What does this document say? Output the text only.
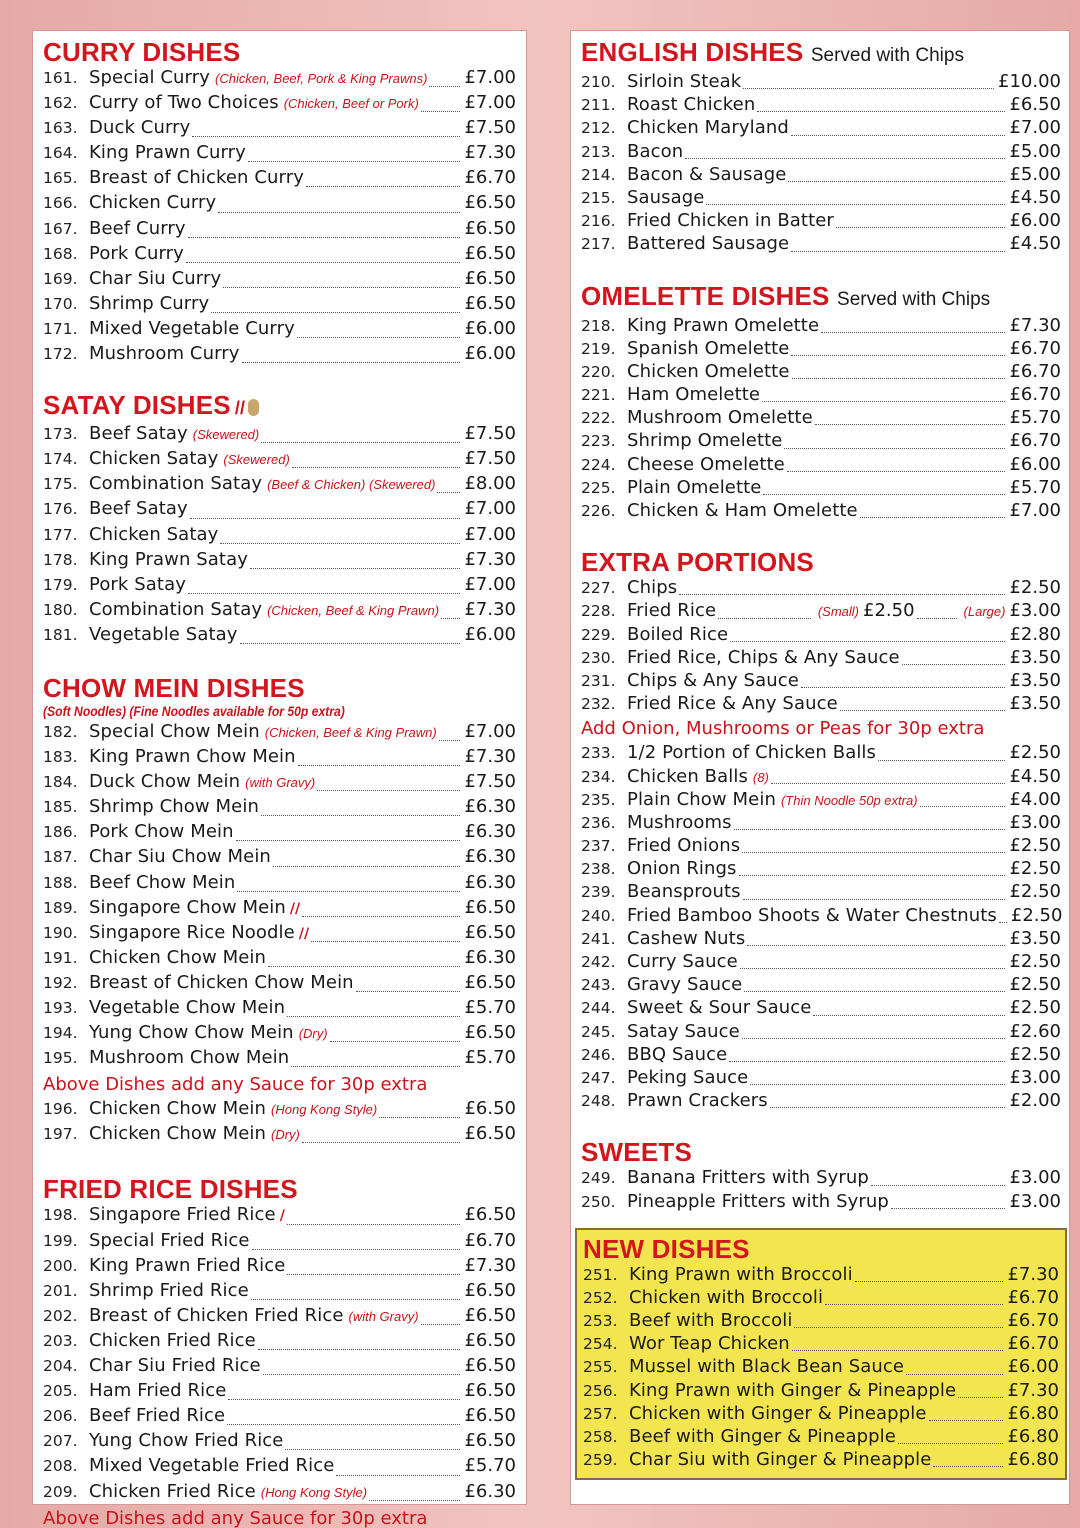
CURRY DISHES
161. Special Curry (Chicken, Beef, Pork & King Prawns) £7.00
162. Curry of Two Choices (Chicken, Beef or Pork)	£7.00
163. Duck Curry	£7.50
164. King Prawn Curry	£7.30
165. Breast of Chicken Curry	£6.70
166. Chicken Curry	£6.50
167. Beef Curry	£6.50
168. Pork Curry	£6.50
169. Char Siu Curry	£6.50
170. Shrimp Curry	£6.50
171. Mixed Vegetable Curry	£6.00
172. Mushroom Curry	£6.00
SATAY DISHES //
173. Beef Satay (Skewered)	£7.50
174. Chicken Satay (Skewered)	£7.50
175. Combination Satay (Beef & Chicken) (Skewered) £8.00
176. Beef Satay	£7.00
177. Chicken Satay	£7.00
178. King Prawn Satay	£7.30
179. Pork Satay	£7.00
180. Combination Satay (Chicken, Beef & King Prawn) £7.30
181. Vegetable Satay	£6.00
CHOW MEIN DISHES
(Soft Noodles) (Fine Noodles available for 50p extra)
182. Special Chow Mein (Chicken, Beef & King Prawn) £7.00
183. King Prawn Chow Mein	£7.30
184. Duck Chow Mein (with Gravy)	£7.50
185. Shrimp Chow Mein	£6.30
186. Pork Chow Mein	£6.30
187. Char Siu Chow Mein	£6.30
188. Beef Chow Mein	£6.30
189. Singapore Chow Mein //	£6.50
190. Singapore Rice Noodle //	£6.50
191. Chicken Chow Mein	£6.30
192. Breast of Chicken Chow Mein	£6.50
193. Vegetable Chow Mein	£5.70
194. Yung Chow Chow Mein (Dry)	£6.50
195. Mushroom Chow Mein	£5.70
Above Dishes add any Sauce for 30p extra
196. Chicken Chow Mein (Hong Kong Style)	£6.50
197. Chicken Chow Mein (Dry)	£6.50
FRIED RICE DISHES
198. Singapore Fried Rice /	£6.50
199. Special Fried Rice	£6.70
200. King Prawn Fried Rice	£7.30
201. Shrimp Fried Rice	£6.50
202. Breast of Chicken Fried Rice (with Gravy)	£6.50
203. Chicken Fried Rice	£6.50
204. Char Siu Fried Rice	£6.50
205. Ham Fried Rice	£6.50
206. Beef Fried Rice	£6.50
207. Yung Chow Fried Rice	£6.50
208. Mixed Vegetable Fried Rice	£5.70
209. Chicken Fried Rice (Hong Kong Style)	£6.30
Above Dishes add any Sauce for 30p extra
ENGLISH DISHES Served with Chips
210. Sirloin Steak	£10.00
211. Roast Chicken	£6.50
212. Chicken Maryland	£7.00
213. Bacon	£5.00
214. Bacon & Sausage	£5.00
215. Sausage	£4.50
216. Fried Chicken in Batter	£6.00
217. Battered Sausage	£4.50
OMELETTE DISHES Served with Chips
218. King Prawn Omelette	£7.30
219. Spanish Omelette	£6.70
220. Chicken Omelette	£6.70
221. Ham Omelette	£6.70
222. Mushroom Omelette	£5.70
223. Shrimp Omelette	£6.70
224. Cheese Omelette	£6.00
225. Plain Omelette	£5.70
226. Chicken & Ham Omelette	£7.00
EXTRA PORTIONS
227. Chips	£2.50
228. Fried Rice	(Small) £2.50	(Large) £3.00
229. Boiled Rice	£2.80
230. Fried Rice, Chips & Any Sauce	£3.50
231. Chips & Any Sauce	£3.50
232. Fried Rice & Any Sauce	£3.50
Add Onion, Mushrooms or Peas for 30p extra
233. 1/2 Portion of Chicken Balls	£2.50
234. Chicken Balls (8)	£4.50
235. Plain Chow Mein (Thin Noodle 50p extra)	£4.00
236. Mushrooms	£3.00
237. Fried Onions	£2.50
238. Onion Rings	£2.50
239. Beansprouts	£2.50
240. Fried Bamboo Shoots & Water Chestnuts £2.50
241. Cashew Nuts	£3.50
242. Curry Sauce	£2.50
243. Gravy Sauce	£2.50
244. Sweet & Sour Sauce	£2.50
245. Satay Sauce	£2.60
246. BBQ Sauce	£2.50
247. Peking Sauce	£3.00
248. Prawn Crackers	£2.00
SWEETS
249. Banana Fritters with Syrup	£3.00
250. Pineapple Fritters with Syrup	£3.00
NEW DISHES
251. King Prawn with Broccoli	£7.30
252. Chicken with Broccoli	£6.70
253. Beef with Broccoli	£6.70
254. Wor Teap Chicken	£6.70
255. Mussel with Black Bean Sauce	£6.00
256. King Prawn with Ginger & Pineapple	£7.30
257. Chicken with Ginger & Pineapple	£6.80
258. Beef with Ginger & Pineapple	£6.80
259. Char Siu with Ginger & Pineapple	£6.80
